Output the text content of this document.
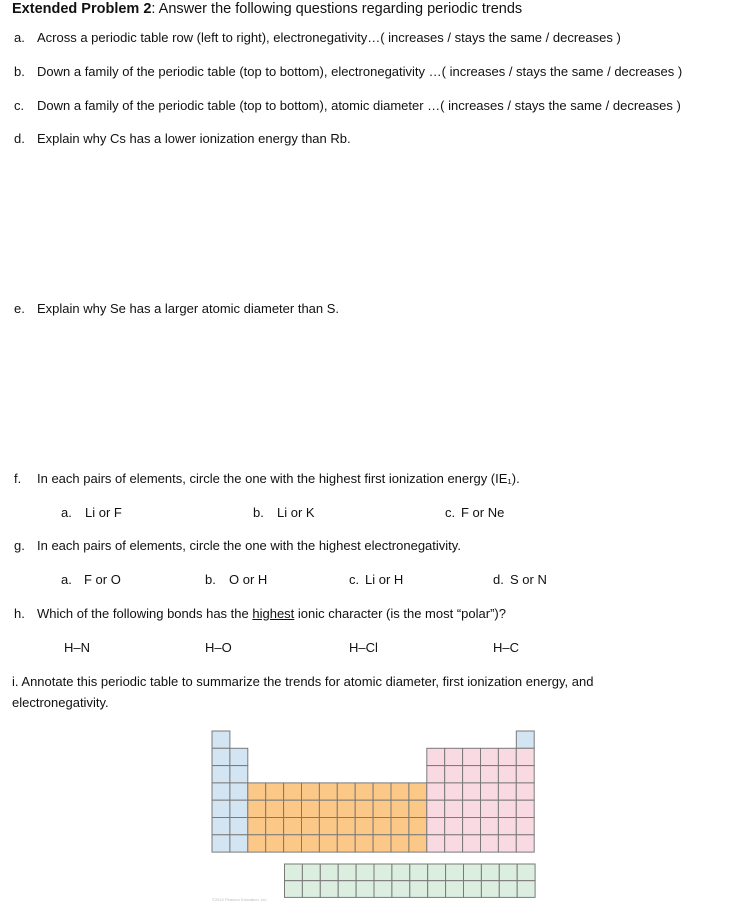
Extended Problem 2: Answer the following questions regarding periodic trends
a. Across a periodic table row (left to right), electronegativity…( increases / stays the same / decreases )
b. Down a family of the periodic table (top to bottom), electronegativity …( increases / stays the same / decreases )
c. Down a family of the periodic table (top to bottom), atomic diameter …( increases / stays the same / decreases )
d. Explain why Cs has a lower ionization energy than Rb.
e. Explain why Se has a larger atomic diameter than S.
f. In each pairs of elements, circle the one with the highest first ionization energy (IE₁).
a. Li or F	b. Li or K	c. F or Ne
g. In each pairs of elements, circle the one with the highest electronegativity.
a. F or O	b. O or H	c. Li or H	d. S or N
h. Which of the following bonds has the highest ionic character (is the most “polar”)?
H–N	H–O	H–Cl	H–C
i. Annotate this periodic table to summarize the trends for atomic diameter, first ionization energy, and
electronegativity.
©2010 Pearson Education, Inc.
